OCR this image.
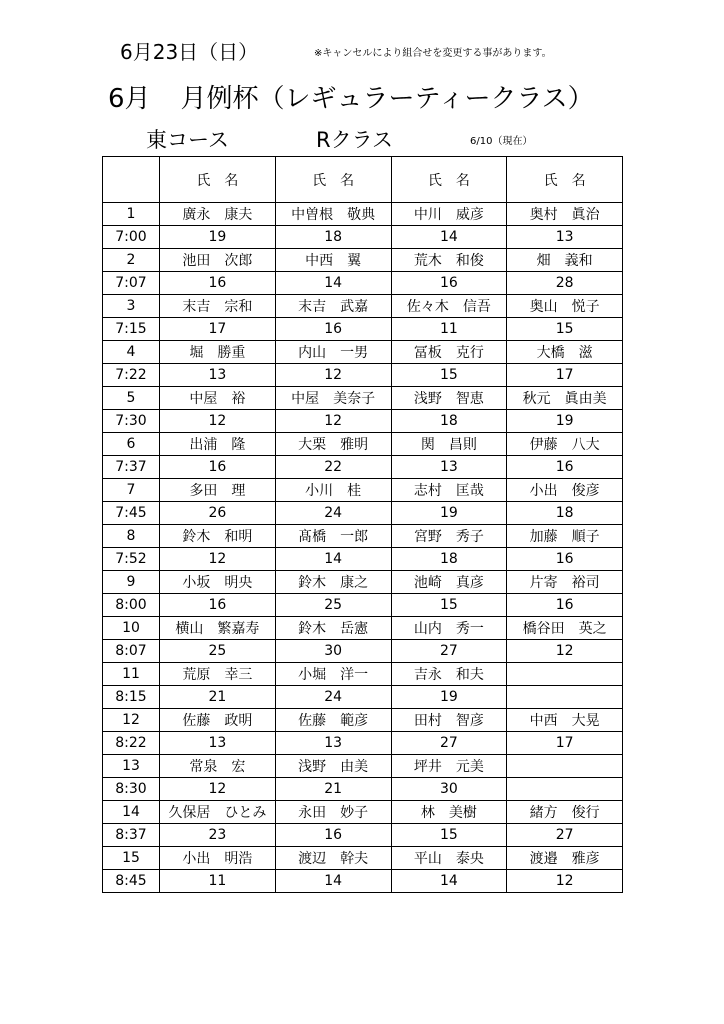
6月23日（日）	※キャンセルにより組合せを変更する事があります。
6月 月例杯（レギュラーティークラス）
東コース	Rクラス	6/10（現在）
	氏　名	氏　名	氏　名	氏　名
1	廣永　康夫	中曽根　敬典	中川　威彦	奥村　眞治
7:00	19	18	14	13
2	池田　次郎	中西　翼	荒木　和俊	畑　義和
7:07	16	14	16	28
3	末吉　宗和	末吉　武嘉	佐々木　信吾	奥山　悦子
7:15	17	16	11	15
4	堀　勝重	内山　一男	冨板　克行	大橋　滋
7:22	13	12	15	17
5	中屋　裕	中屋　美奈子	浅野　智恵	秋元　眞由美
7:30	12	12	18	19
6	出浦　隆	大栗　雅明	関　昌則	伊藤　八大
7:37	16	22	13	16
7	多田　理	小川　桂	志村　匡哉	小出　俊彦
7:45	26	24	19	18
8	鈴木　和明	髙橋　一郎	宮野　秀子	加藤　順子
7:52	12	14	18	16
9	小坂　明央	鈴木　康之	池崎　真彦	片寄　裕司
8:00	16	25	15	16
10	横山　繁嘉寿	鈴木　岳憲	山内　秀一	橋谷田　英之
8:07	25	30	27	12
11	荒原　幸三	小堀　洋一	吉永　和夫	
8:15	21	24	19	
12	佐藤　政明	佐藤　範彦	田村　智彦	中西　大晃
8:22	13	13	27	17
13	常泉　宏	浅野　由美	坪井　元美	
8:30	12	21	30	
14	久保居　ひとみ	永田　妙子	林　美樹	緒方　俊行
8:37	23	16	15	27
15	小出　明浩	渡辺　幹夫	平山　泰央	渡邉　雅彦
8:45	11	14	14	12
